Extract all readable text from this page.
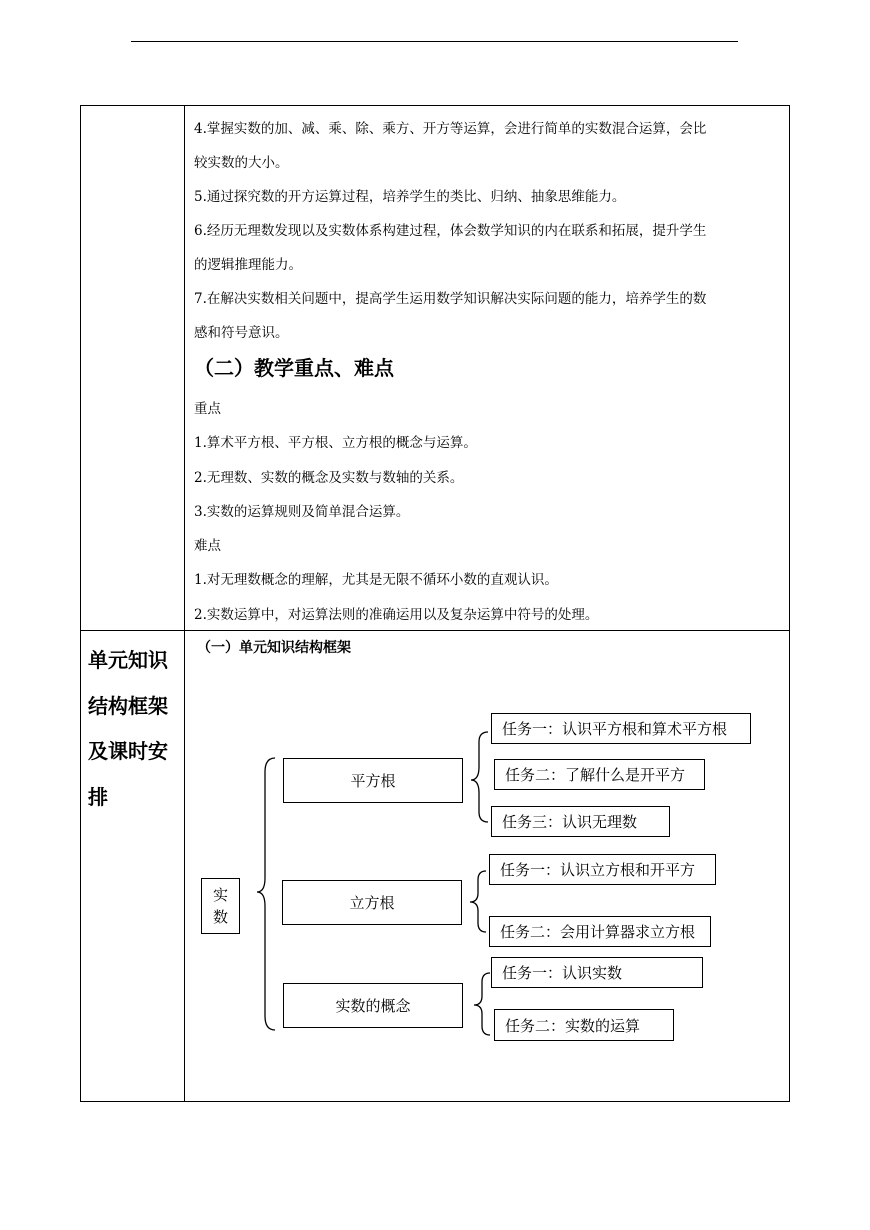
4.掌握实数的加、减、乘、除、乘方、开方等运算，会进行简单的实数混合运算，会比

较实数的大小。

5.通过探究数的开方运算过程，培养学生的类比、归纳、抽象思维能力。

6.经历无理数发现以及实数体系构建过程，体会数学知识的内在联系和拓展，提升学生

的逻辑推理能力。

7.在解决实数相关问题中，提高学生运用数学知识解决实际问题的能力，培养学生的数

感和符号意识。

（二）教学重点、难点

重点

1.算术平方根、平方根、立方根的概念与运算。

2.无理数、实数的概念及实数与数轴的关系。

3.实数的运算规则及简单混合运算。

难点

1.对无理数概念的理解，尤其是无限不循环小数的直观认识。

2.实数运算中，对运算法则的准确运用以及复杂运算中符号的处理。

单元知识
结构框架
及课时安
排
（一）单元知识结构框架
实
数
平方根
立方根
实数的概念
任务一：认识平方根和算术平方根
任务二：了解什么是开平方
任务三：认识无理数
任务一：认识立方根和开平方
任务二：会用计算器求立方根
任务一：认识实数
任务二：实数的运算
